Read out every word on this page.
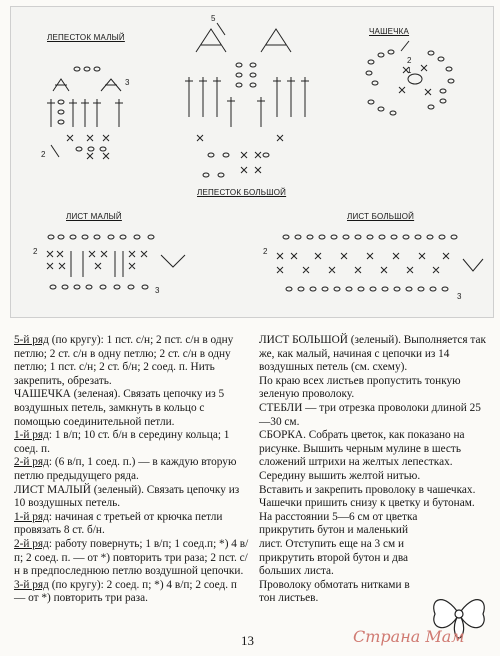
3
2
5
2
1
2
3
2
3
ЛЕПЕСТОК МАЛЫЙ
ЧАШЕЧКА
ЛЕПЕСТОК БОЛЬШОЙ
ЛИСТ МАЛЫЙ	ЛИСТ БОЛЬШОЙ

5-й ряд (по кругу): 1 пст. с/н; 2 пст. с/н в одну петлю; 2 ст. с/н в одну петлю; 2 ст. с/н в одну петлю; 1 пст. с/н; 2 ст. б/н; 2 соед. п. Нить закрепить, обрезать.

ЧАШЕЧКА (зеленая). Связать цепочку из 5 воздушных петель, замкнуть в кольцо с помощью соединительной петли.

1-й ряд: 1 в/п; 10 ст. б/н в середину кольца; 1 соед. п.

2-й ряд: (6 в/п, 1 соед. п.) — в каждую вторую петлю предыдущего ряда.

ЛИСТ МАЛЫЙ (зеленый). Связать цепочку из 10 воздушных петель.

1-й ряд: начиная с третьей от крючка петли провязать 8 ст. б/н.

2-й ряд: работу повернуть; 1 в/п; 1 соед.п; *) 4 в/п; 2 соед. п. — от *) повторить три раза; 2 пст. с/н в предпоследнюю петлю воздушной цепочки.

3-й ряд (по кругу): 2 соед. п; *) 4 в/п; 2 соед. п — от *) повторить три раза.

ЛИСТ БОЛЬШОЙ (зеленый). Выполняется так же, как малый, начиная с цепочки из 14 воздушных петель (см. схему).

По краю всех листьев пропустить тонкую зеленую проволоку.

СТЕБЛИ — три отрезка проволоки длиной 25—30 см.

СБОРКА. Собрать цветок, как показано на рисунке. Вышить черным мулине в шесть сложений штрихи на желтых лепестках. Середину вышить желтой нитью.

Вставить и закрепить проволоку в чашечках. Чашечки пришить снизу к цветку и бутонам.

На расстоянии 5—6 см от цветка прикрутить бутон и маленький лист. Отступить еще на 3 см и прикрутить второй бутон и два больших листа.

Проволоку обмотать нитками в тон листьев.

13	Страна Мам
